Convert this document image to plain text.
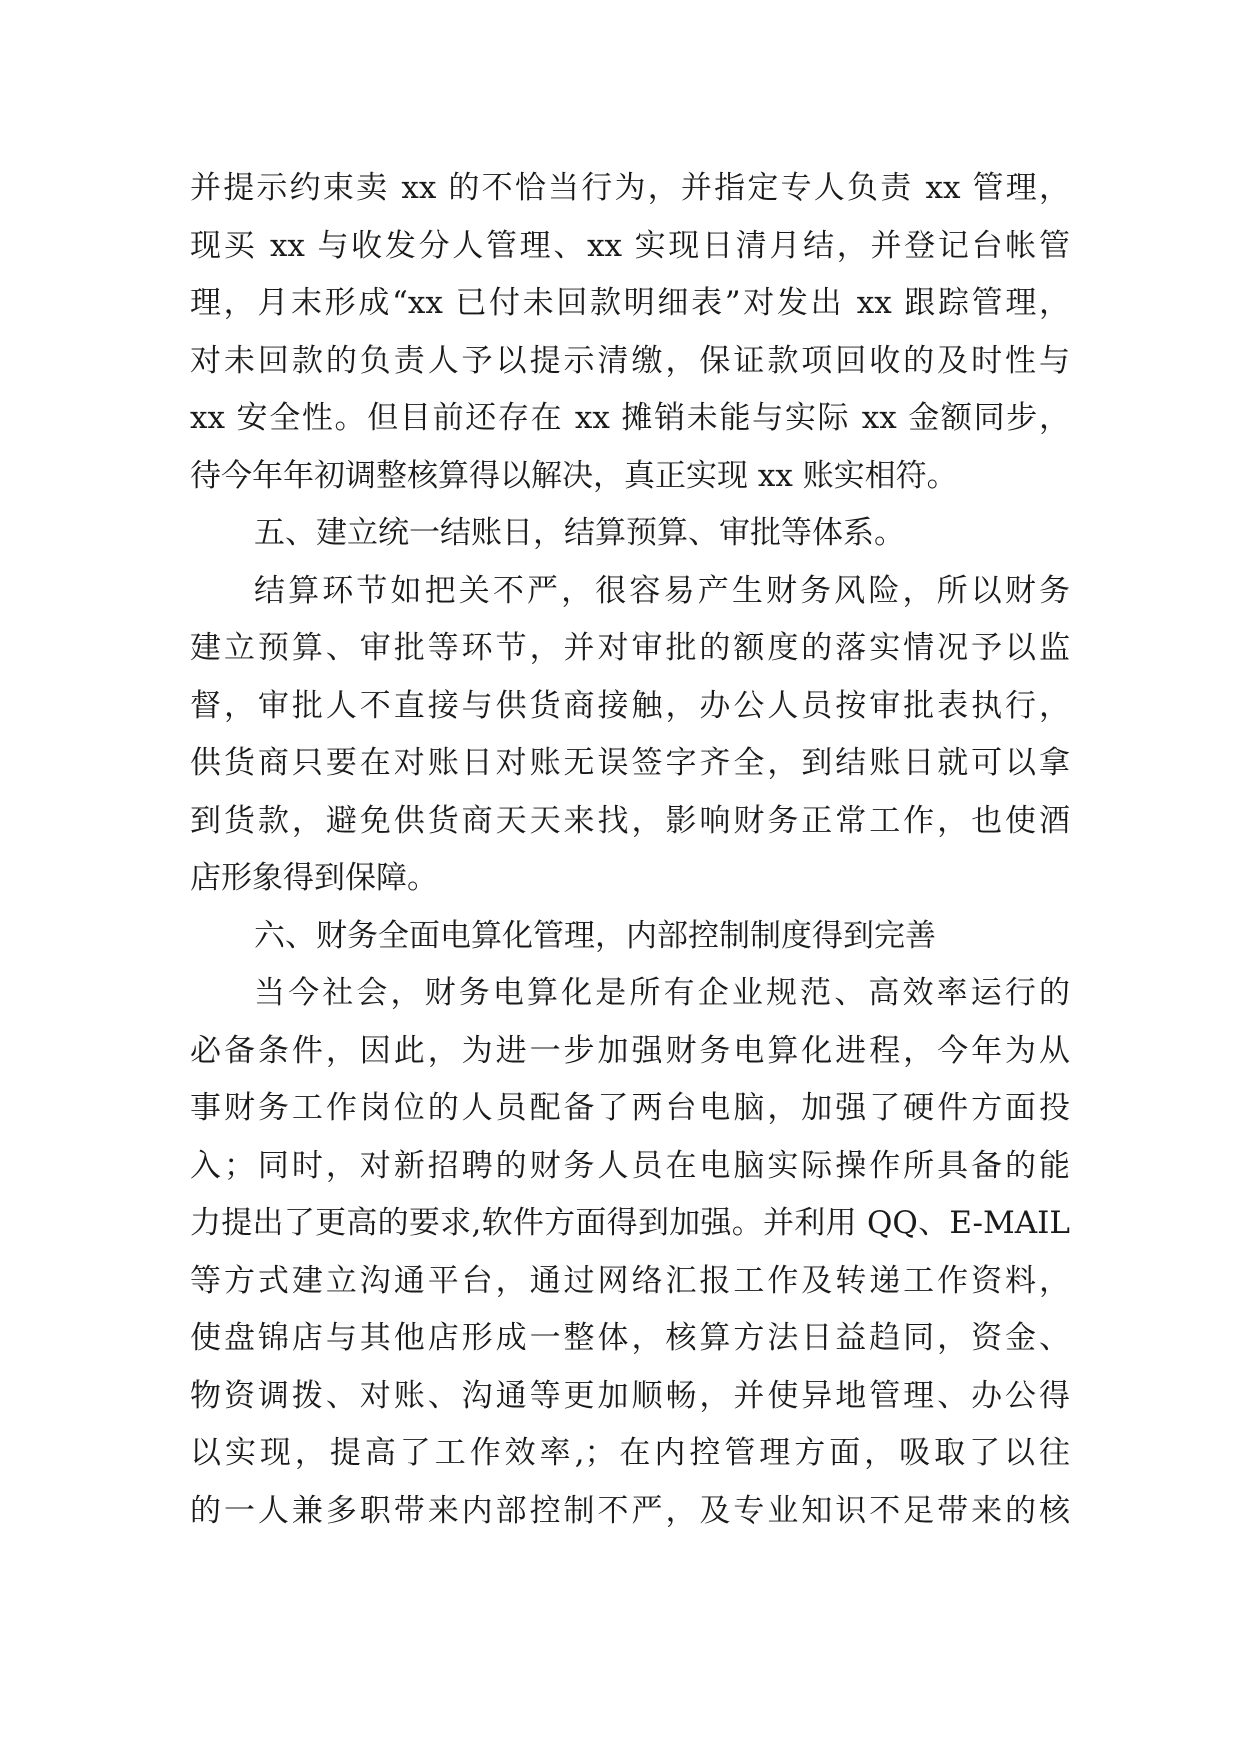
并提示约束卖 xx 的不恰当行为，并指定专人负责 xx 管理，
现买 xx 与收发分人管理、xx 实现日清月结，并登记台帐管
理，月末形成“xx 已付未回款明细表”对发出 xx 跟踪管理，
对未回款的负责人予以提示清缴，保证款项回收的及时性与
xx 安全性。但目前还存在 xx 摊销未能与实际 xx 金额同步，
待今年年初调整核算得以解决，真正实现 xx 账实相符。
五、建立统一结账日，结算预算、审批等体系。
结算环节如把关不严，很容易产生财务风险，所以财务
建立预算、审批等环节，并对审批的额度的落实情况予以监
督，审批人不直接与供货商接触，办公人员按审批表执行，
供货商只要在对账日对账无误签字齐全，到结账日就可以拿
到货款，避免供货商天天来找，影响财务正常工作，也使酒
店形象得到保障。
六、财务全面电算化管理，内部控制制度得到完善
当今社会，财务电算化是所有企业规范、高效率运行的
必备条件，因此，为进一步加强财务电算化进程，今年为从
事财务工作岗位的人员配备了两台电脑，加强了硬件方面投
入；同时，对新招聘的财务人员在电脑实际操作所具备的能
力提出了更高的要求,软件方面得到加强。并利用 QQ、E-MAIL
等方式建立沟通平台，通过网络汇报工作及转递工作资料，
使盘锦店与其他店形成一整体，核算方法日益趋同，资金、
物资调拨、对账、沟通等更加顺畅，并使异地管理、办公得
以实现，提高了工作效率,；在内控管理方面，吸取了以往
的一人兼多职带来内部控制不严，及专业知识不足带来的核
